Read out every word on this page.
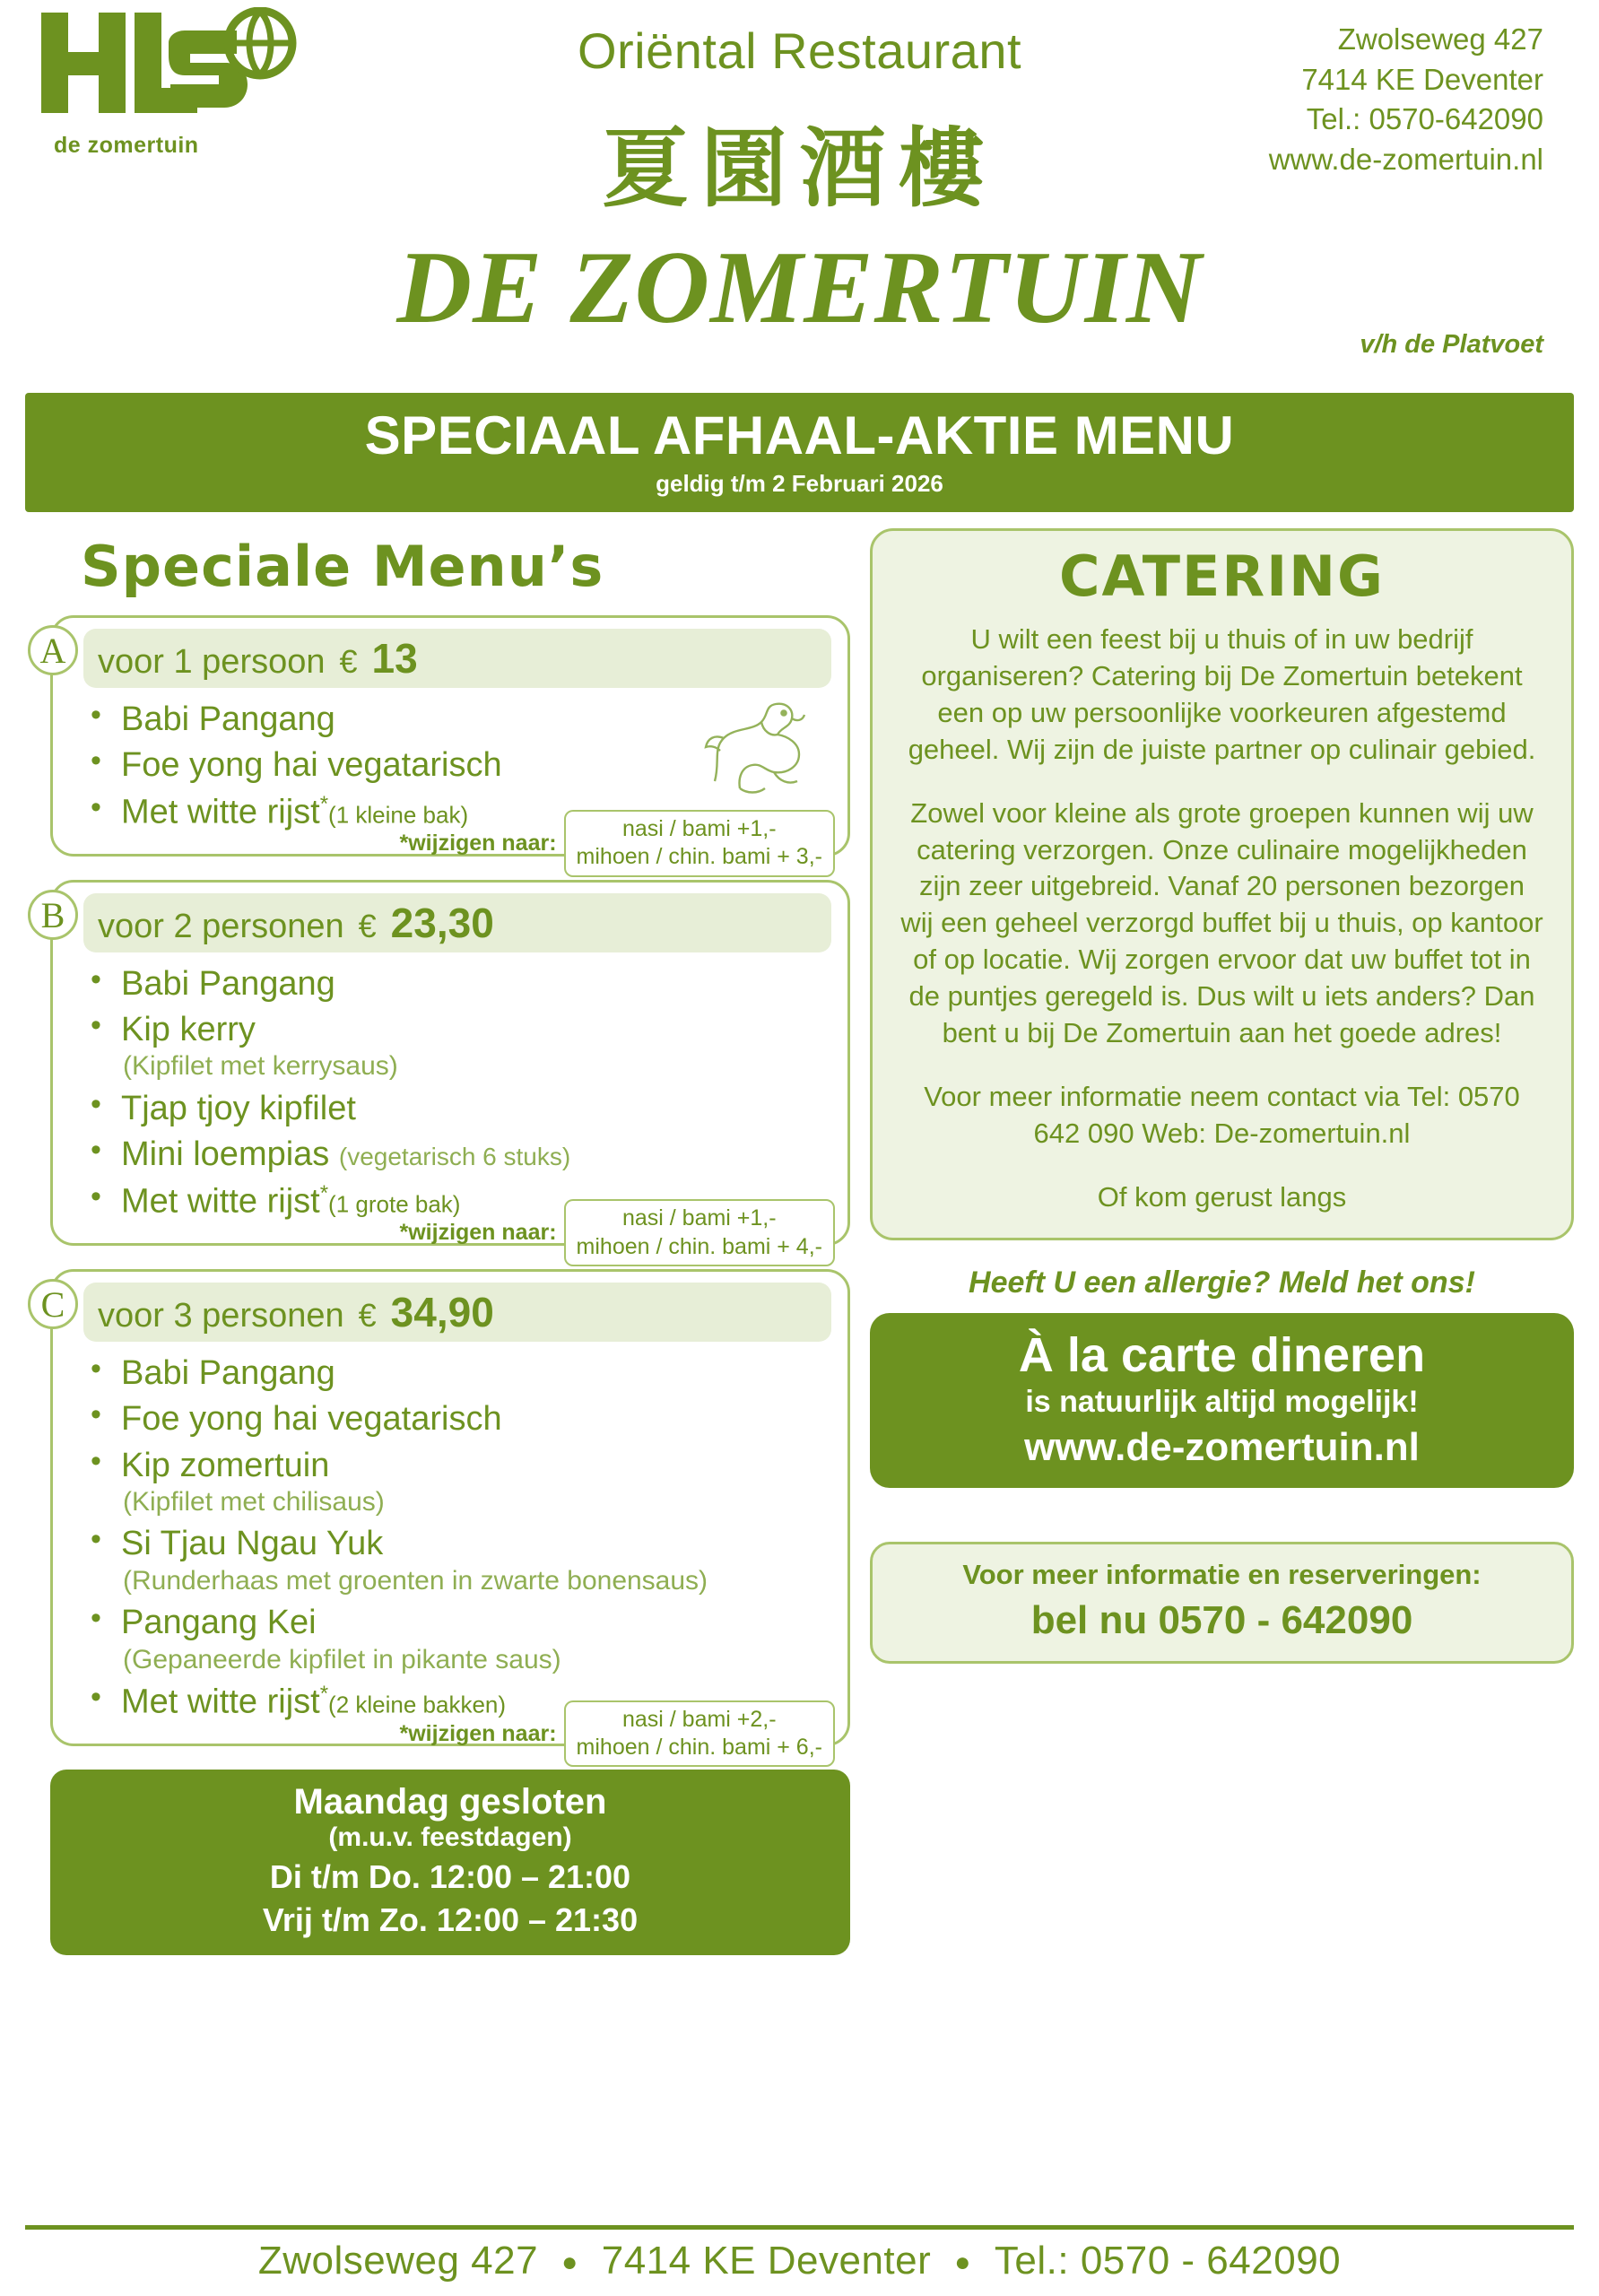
de zomertuin
Oriëntal Restaurant
夏園酒樓
DE ZOMERTUIN	v/h de Platvoet
Zwolseweg 427
7414 KE Deventer
Tel.: 0570-642090
www.de-zomertuin.nl
SPECIAAL AFHAAL-AKTIE MENU
geldig t/m 2 Februari 2026
Speciale Menu’s
A voor 1 persoon € 13
• Babi Pangang
• Foe yong hai vegatarisch
• Met witte rijst*(1 kleine bak)
*wijzigen naar:
nasi / bami +1,-
mihoen / chin. bami + 3,-
B voor 2 personen € 23,30
• Babi Pangang
• Kip kerry
(Kipfilet met kerrysaus)
• Tjap tjoy kipfilet
• Mini loempias (vegetarisch 6 stuks)
• Met witte rijst*(1 grote bak)
*wijzigen naar:
nasi / bami +1,-
mihoen / chin. bami + 4,-
C voor 3 personen € 34,90
• Babi Pangang
• Foe yong hai vegatarisch
• Kip zomertuin
(Kipfilet met chilisaus)
• Si Tjau Ngau Yuk
(Runderhaas met groenten in zwarte bonensaus)
• Pangang Kei
(Gepaneerde kipfilet in pikante saus)
• Met witte rijst*(2 kleine bakken)
*wijzigen naar:
nasi / bami +2,-
mihoen / chin. bami + 6,-
Maandag gesloten
(m.u.v. feestdagen)
Di t/m Do. 12:00 – 21:00
Vrij t/m Zo. 12:00 – 21:30
CATERING

U wilt een feest bij u thuis of in uw bedrijf organiseren? Catering bij De Zomertuin betekent een op uw persoonlijke voorkeuren afgestemd geheel. Wij zijn de juiste partner op culinair gebied.

Zowel voor kleine als grote groepen kunnen wij uw catering verzorgen. Onze culinaire mogelijkheden zijn zeer uitgebreid. Vanaf 20 personen bezorgen wij een geheel verzorgd buffet bij u thuis, op kantoor of op locatie. Wij zorgen ervoor dat uw buffet tot in de puntjes geregeld is. Dus wilt u iets anders? Dan bent u bij De Zomertuin aan het goede adres!

Voor meer informatie neem contact via Tel: 0570 642 090 Web: De-zomertuin.nl

Of kom gerust langs

Heeft U een allergie? Meld het ons!
À la carte dineren
is natuurlijk altijd mogelijk!
www.de-zomertuin.nl
Voor meer informatie en reserveringen:
bel nu 0570 - 642090
Zwolseweg 427 ● 7414 KE Deventer ● Tel.: 0570 - 642090
